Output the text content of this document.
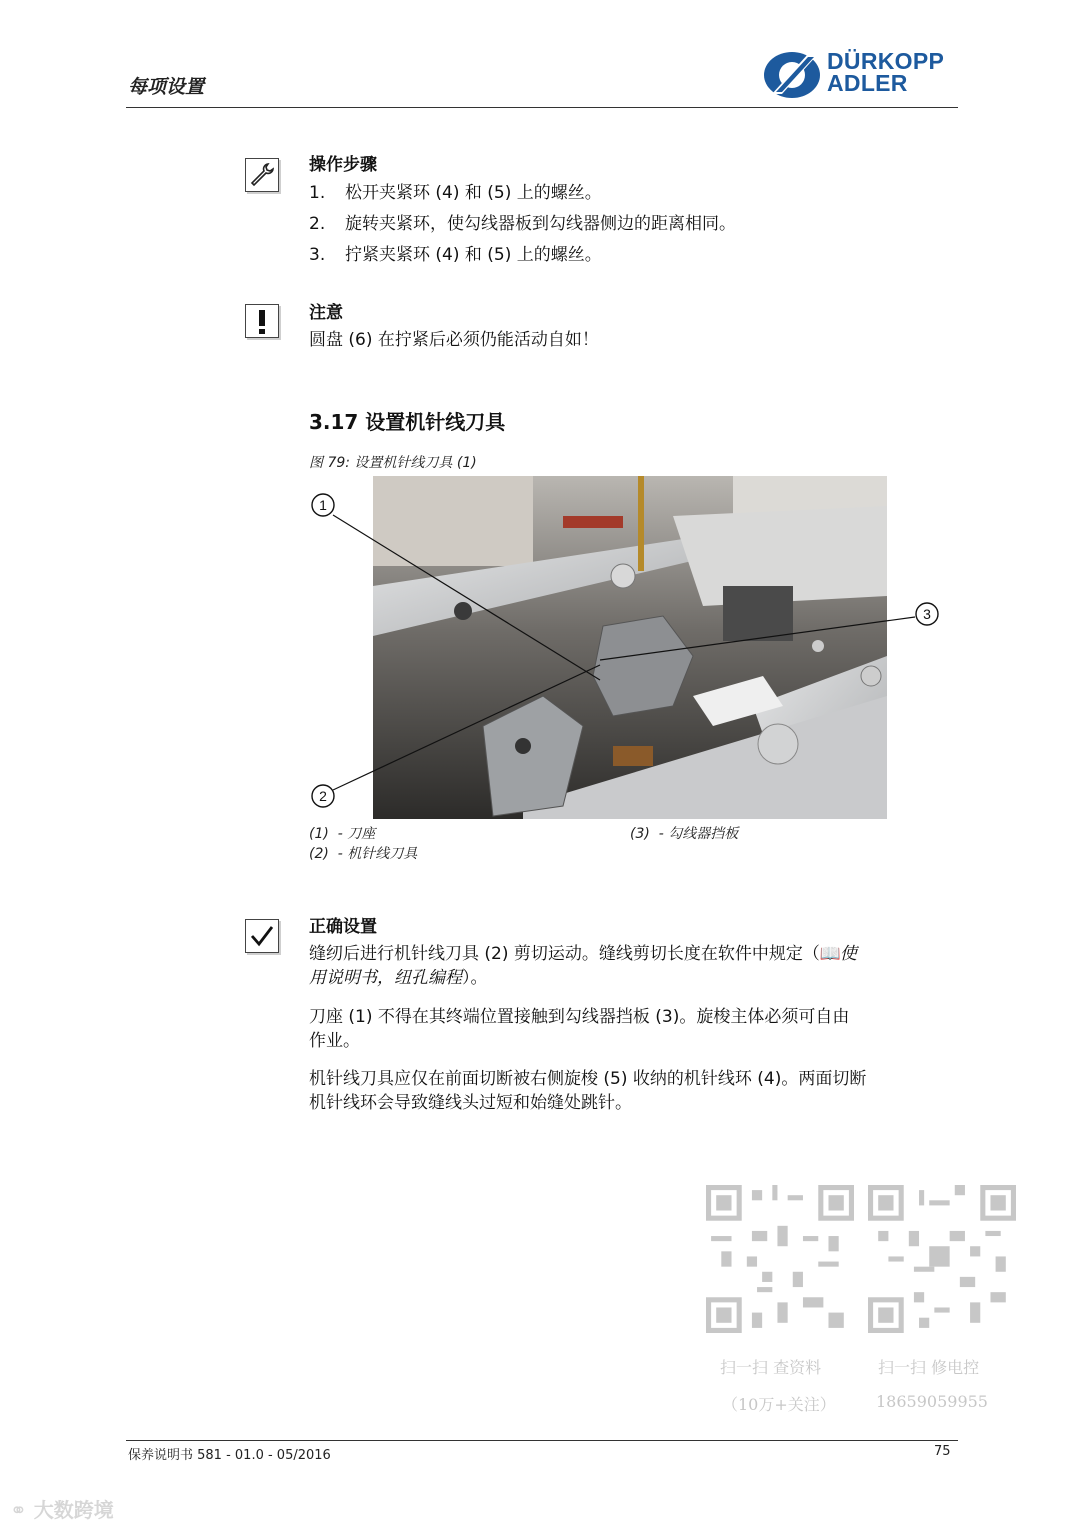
每项设置
DÜRKOPP
ADLER
操作步骤
1. 松开夹紧环 (4) 和 (5) 上的螺丝。
2. 旋转夹紧环，使勾线器板到勾线器侧边的距离相同。
3. 拧紧夹紧环 (4) 和 (5) 上的螺丝。
注意
圆盘 (6) 在拧紧后必须仍能活动自如！
3.17 设置机针线刀具
图 79: 设置机针线刀具 (1)
1
2
3
(1) - 刀座
(2) - 机针线刀具
(3) - 勾线器挡板
正确设置
缝纫后进行机针线刀具 (2) 剪切运动。缝线剪切长度在软件中规定（📖使
用说明书，纽孔编程）。
刀座 (1) 不得在其终端位置接触到勾线器挡板 (3)。旋梭主体必须可自由
作业。
机针线刀具应仅在前面切断被右侧旋梭 (5) 收纳的机针线环 (4)。两面切断
机针线环会导致缝线头过短和始缝处跳针。
扫一扫 查资料
（10万+关注）
扫一扫 修电控
18659059955
保养说明书 581 - 01.0 - 05/2016	75
⚭ 大数跨境
